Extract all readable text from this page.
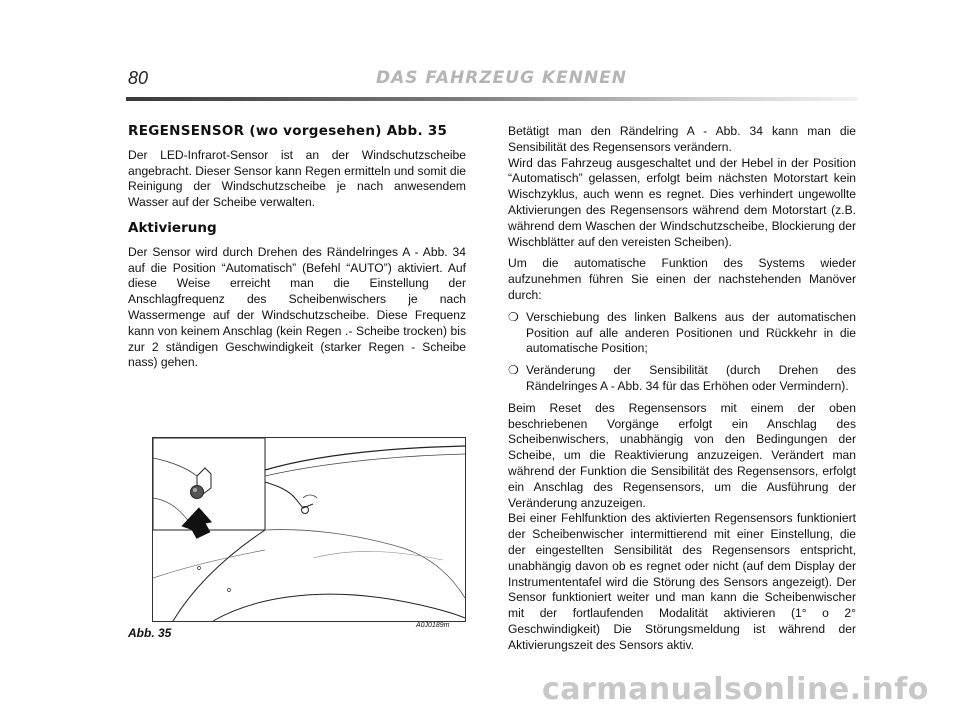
80	DAS FAHRZEUG KENNEN
REGENSENSOR (wo vorgesehen) Abb. 35

Der LED-Infrarot-Sensor ist an der Windschutzscheibe angebracht. Dieser Sensor kann Regen ermitteln und somit die Reinigung der Windschutzscheibe je nach anwesendem Wasser auf der Scheibe verwalten.

Aktivierung

Der Sensor wird durch Drehen des Rändelringes A - Abb. 34 auf die Position “Automatisch” (Befehl “AUTO”) aktiviert. Auf diese Weise erreicht man die Einstellung der Anschlagfrequenz des Scheibenwischers je nach Wassermenge auf der Windschutzscheibe. Diese Frequenz kann von keinem Anschlag (kein Regen .- Scheibe trocken) bis zur 2 ständigen Geschwindigkeit (starker Regen - Scheibe nass) gehen.

Betätigt man den Rändelring A - Abb. 34 kann man die Sensibilität des Regensensors verändern.

Wird das Fahrzeug ausgeschaltet und der Hebel in der Position “Automatisch” gelassen, erfolgt beim nächsten Motorstart kein Wischzyklus, auch wenn es regnet. Dies verhindert ungewollte Aktivierungen des Regensensors während dem Motorstart (z.B. während dem Waschen der Windschutzscheibe, Blockierung der Wischblätter auf den vereisten Scheiben).

Um die automatische Funktion des Systems wieder aufzunehmen führen Sie einen der nachstehenden Manöver durch:

❍ Verschiebung des linken Balkens aus der automatischen Position auf alle anderen Positionen und Rückkehr in die automatische Position;
❍ Veränderung der Sensibilität (durch Drehen des Rändelringes A - Abb. 34 für das Erhöhen oder Vermindern).

Beim Reset des Regensensors mit einem der oben beschriebenen Vorgänge erfolgt ein Anschlag des Scheibenwischers, unabhängig von den Bedingungen der Scheibe, um die Reaktivierung anzuzeigen. Verändert man während der Funktion die Sensibilität des Regensensors, erfolgt ein Anschlag des Regensensors, um die Ausführung der Veränderung anzuzeigen.

Bei einer Fehlfunktion des aktivierten Regensensors funktioniert der Scheibenwischer intermittierend mit einer Einstellung, die der eingestellten Sensibilität des Regensensors entspricht, unabhängig davon ob es regnet oder nicht (auf dem Display der Instrumententafel wird die Störung des Sensors angezeigt). Der Sensor funktioniert weiter und man kann die Scheibenwischer mit der fortlaufenden Modalität aktivieren (1° o 2° Geschwindigkeit) Die Störungsmeldung ist während der Aktivierungszeit des Sensors aktiv.

Abb. 35
A0J0189m
carmanualsonline.info
